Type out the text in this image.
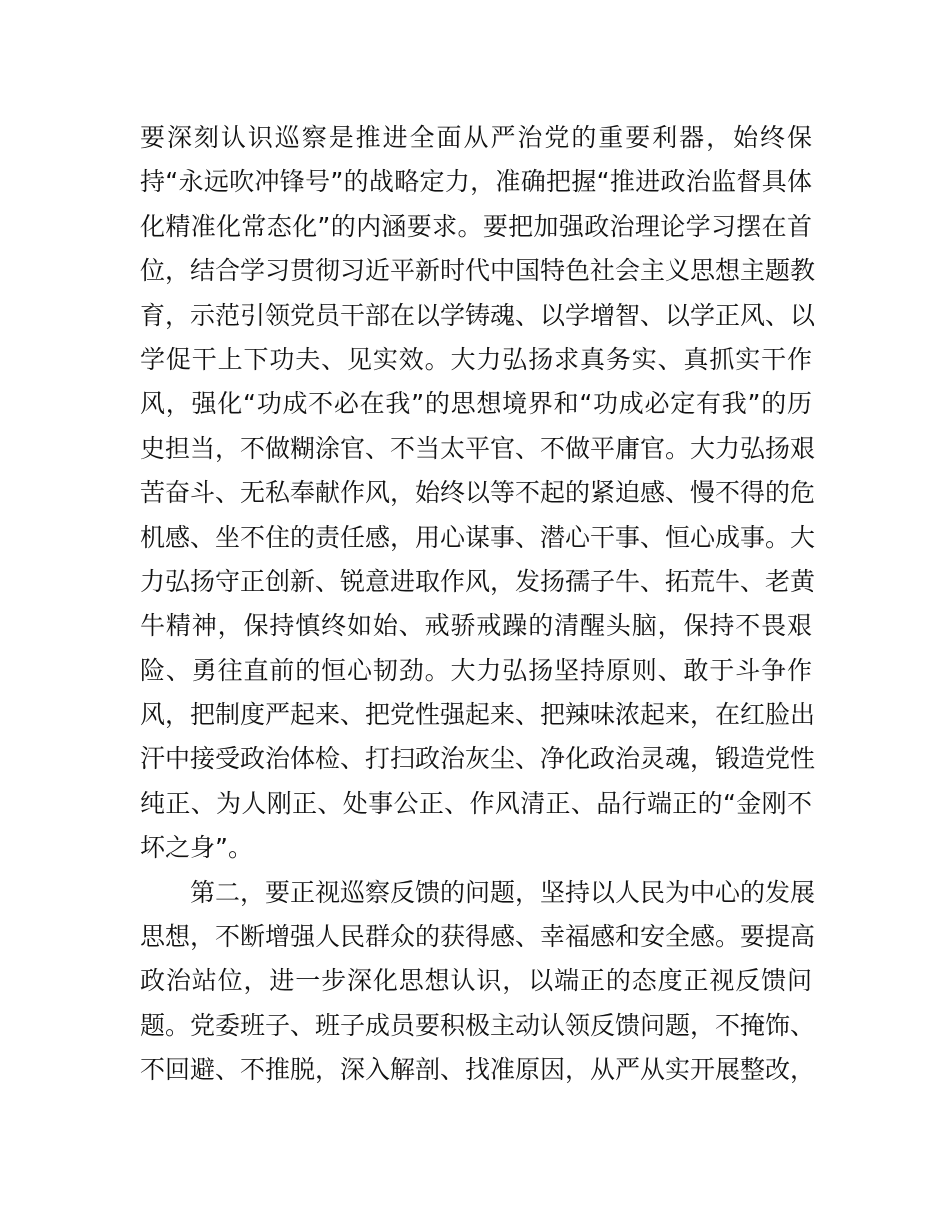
要深刻认识巡察是推进全面从严治党的重要利器，始终保
持“永远吹冲锋号”的战略定力，准确把握“推进政治监督具体
化精准化常态化”的内涵要求。要把加强政治理论学习摆在首
位，结合学习贯彻习近平新时代中国特色社会主义思想主题教
育，示范引领党员干部在以学铸魂、以学增智、以学正风、以
学促干上下功夫、见实效。大力弘扬求真务实、真抓实干作
风，强化“功成不必在我”的思想境界和“功成必定有我”的历
史担当，不做糊涂官、不当太平官、不做平庸官。大力弘扬艰
苦奋斗、无私奉献作风，始终以等不起的紧迫感、慢不得的危
机感、坐不住的责任感，用心谋事、潜心干事、恒心成事。大
力弘扬守正创新、锐意进取作风，发扬孺子牛、拓荒牛、老黄
牛精神，保持慎终如始、戒骄戒躁的清醒头脑，保持不畏艰
险、勇往直前的恒心韧劲。大力弘扬坚持原则、敢于斗争作
风，把制度严起来、把党性强起来、把辣味浓起来，在红脸出
汗中接受政治体检、打扫政治灰尘、净化政治灵魂，锻造党性
纯正、为人刚正、处事公正、作风清正、品行端正的“金刚不
坏之身”。
第二，要正视巡察反馈的问题，坚持以人民为中心的发展
思想，不断增强人民群众的获得感、幸福感和安全感。要提高
政治站位，进一步深化思想认识，以端正的态度正视反馈问
题。党委班子、班子成员要积极主动认领反馈问题，不掩饰、
不回避、不推脱，深入解剖、找准原因，从严从实开展整改，
